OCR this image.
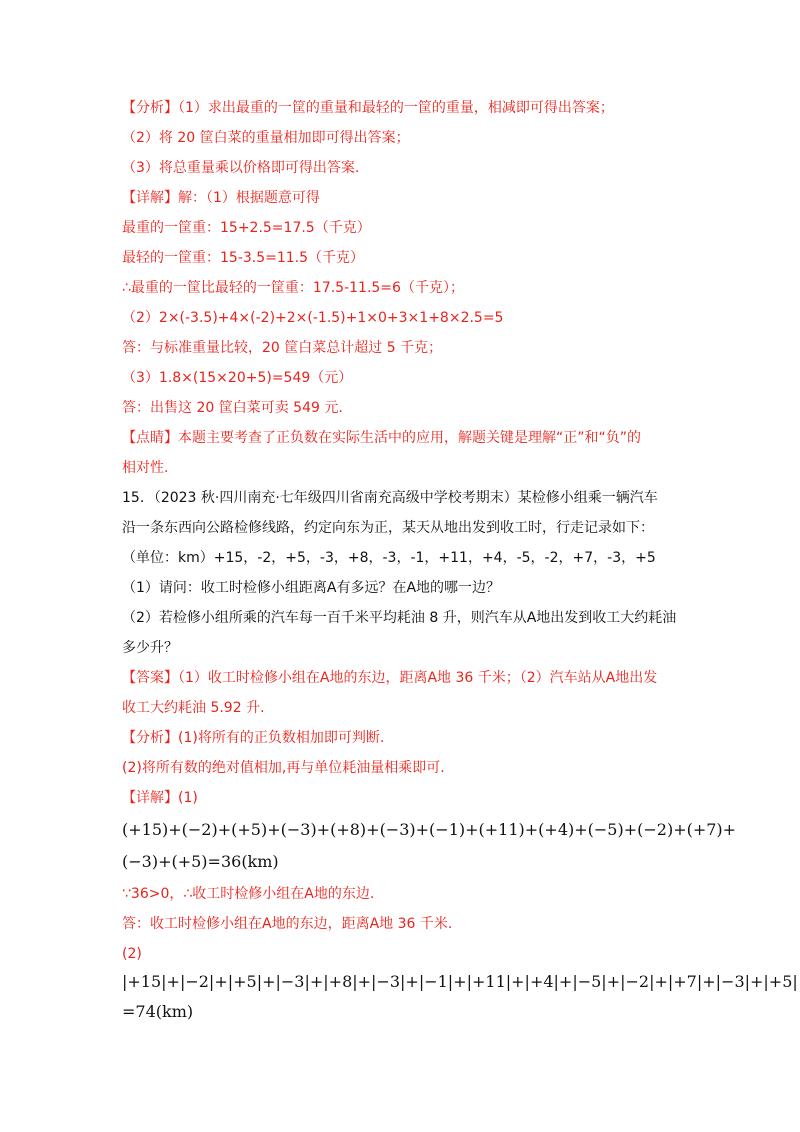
【分析】（1）求出最重的一筐的重量和最轻的一筐的重量，相减即可得出答案；
（2）将 20 筐白菜的重量相加即可得出答案；
（3）将总重量乘以价格即可得出答案.
【详解】解：（1）根据题意可得
最重的一筐重：15+2.5=17.5（千克）
最轻的一筐重：15-3.5=11.5（千克）
∴最重的一筐比最轻的一筐重：17.5-11.5=6（千克）；
（2）2×(-3.5)+4×(-2)+2×(-1.5)+1×0+3×1+8×2.5=5
答：与标准重量比较，20 筐白菜总计超过 5 千克；
（3）1.8×(15×20+5)=549（元）
答：出售这 20 筐白菜可卖 549 元.
【点睛】本题主要考查了正负数在实际生活中的应用，解题关键是理解“正”和“负”的
相对性.
15．（2023 秋·四川南充·七年级四川省南充高级中学校考期末）某检修小组乘一辆汽车
沿一条东西向公路检修线路，约定向东为正，某天从地出发到收工时，行走记录如下：
（单位：km）+15，-2，+5，-3，+8，-3，-1，+11，+4，-5，-2，+7，-3，+5
（1）请问：收工时检修小组距离A有多远？在A地的哪一边？
（2）若检修小组所乘的汽车每一百千米平均耗油 8 升，则汽车从A地出发到收工大约耗油
多少升？
【答案】（1）收工时检修小组在A地的东边，距离A地 36 千米；（2）汽车站从A地出发
收工大约耗油 5.92 升.
【分析】(1)将所有的正负数相加即可判断.
(2)将所有数的绝对值相加,再与单位耗油量相乘即可.
【详解】(1)
(+15)+(−2)+(+5)+(−3)+(+8)+(−3)+(−1)+(+11)+(+4)+(−5)+(−2)+(+7)+
(−3)+(+5)=36(km)
∵36>0，∴收工时检修小组在A地的东边.
答：收工时检修小组在A地的东边，距离A地 36 千米.
(2)
|+15|+|−2|+|+5|+|−3|+|+8|+|−3|+|−1|+|+11|+|+4|+|−5|+|−2|+|+7|+|−3|+|+5|
=74(km)
